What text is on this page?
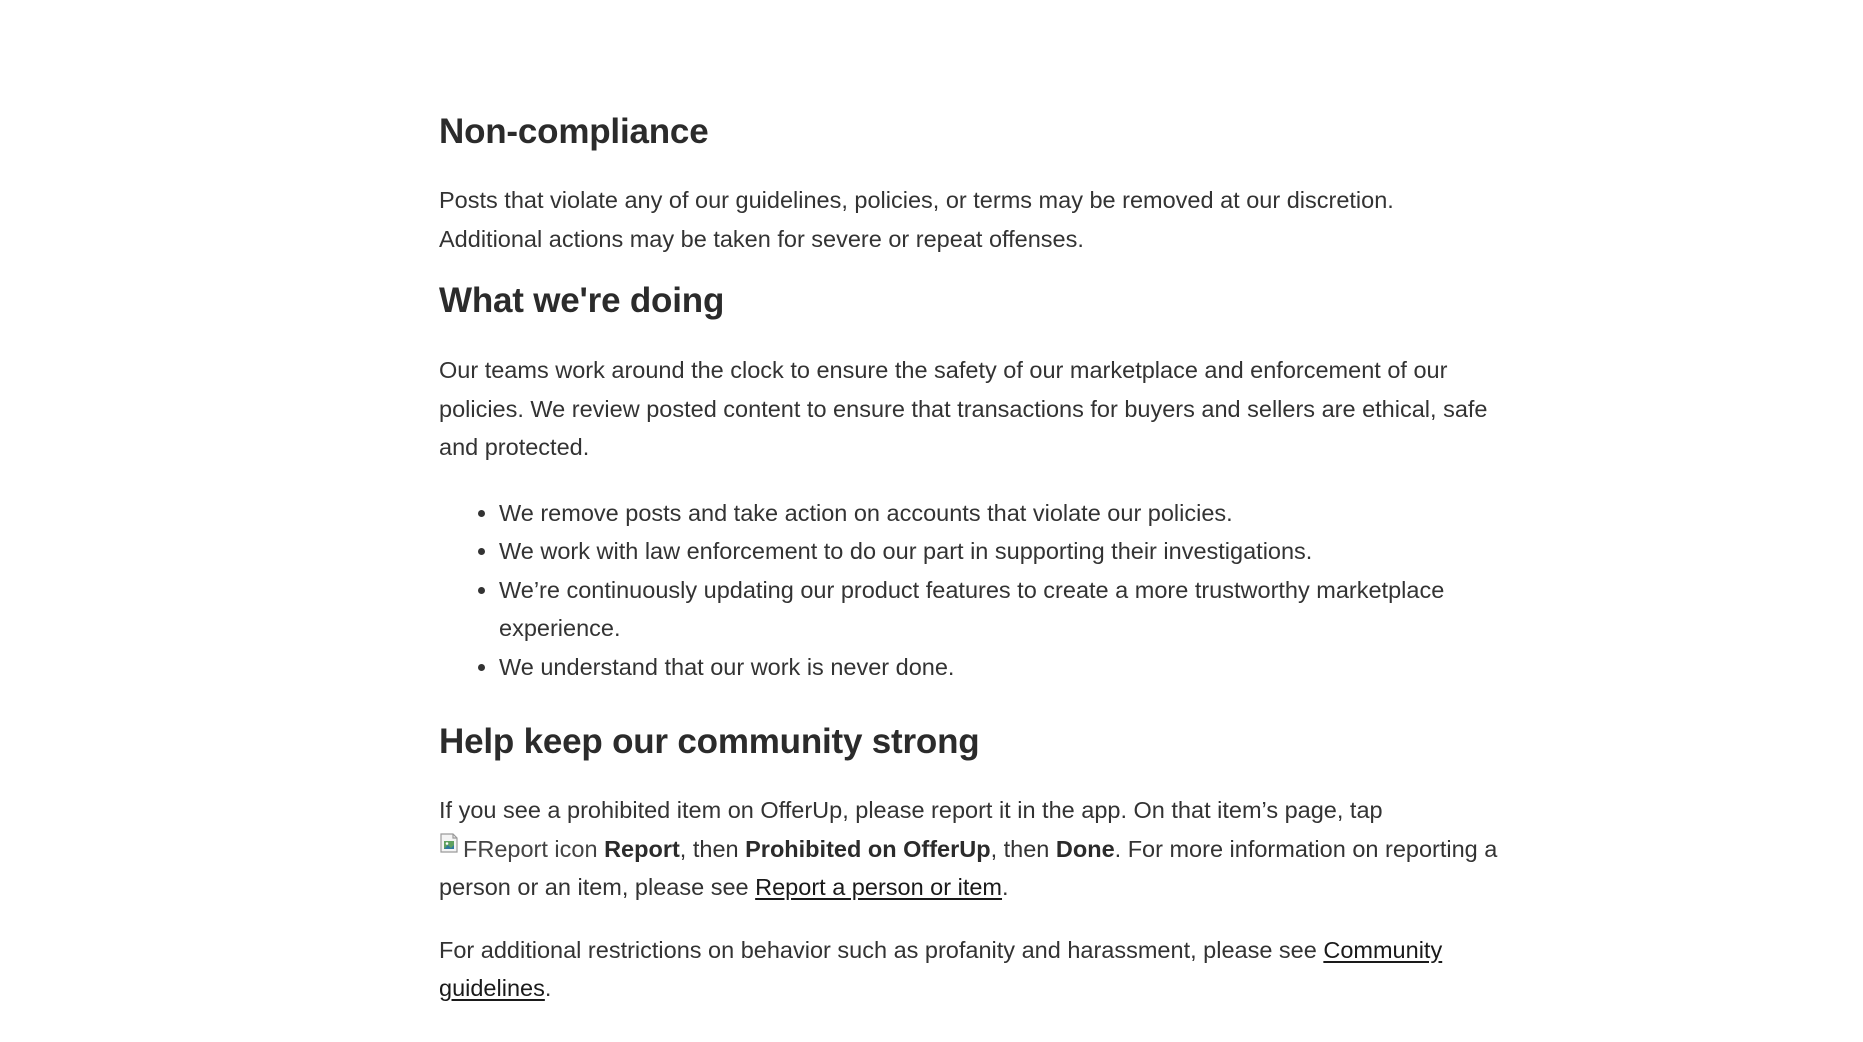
Non-compliance

Posts that violate any of our guidelines, policies, or terms may be removed at our discretion.
Additional actions may be taken for severe or repeat offenses.

What we're doing

Our teams work around the clock to ensure the safety of our marketplace and enforcement of our policies. We review posted content to ensure that transactions for buyers and sellers are ethical, safe and protected.

• We remove posts and take action on accounts that violate our policies.
• We work with law enforcement to do our part in supporting their investigations.
• We’re continuously updating our product features to create a more trustworthy marketplace experience.
• We understand that our work is never done.
Help keep our community strong

If you see a prohibited item on OfferUp, please report it in the app. On that item’s page, tap
FReport icon Report, then Prohibited on OfferUp, then Done. For more information on reporting a person or an item, please see Report a person or item.

For additional restrictions on behavior such as profanity and harassment, please see Community guidelines.
